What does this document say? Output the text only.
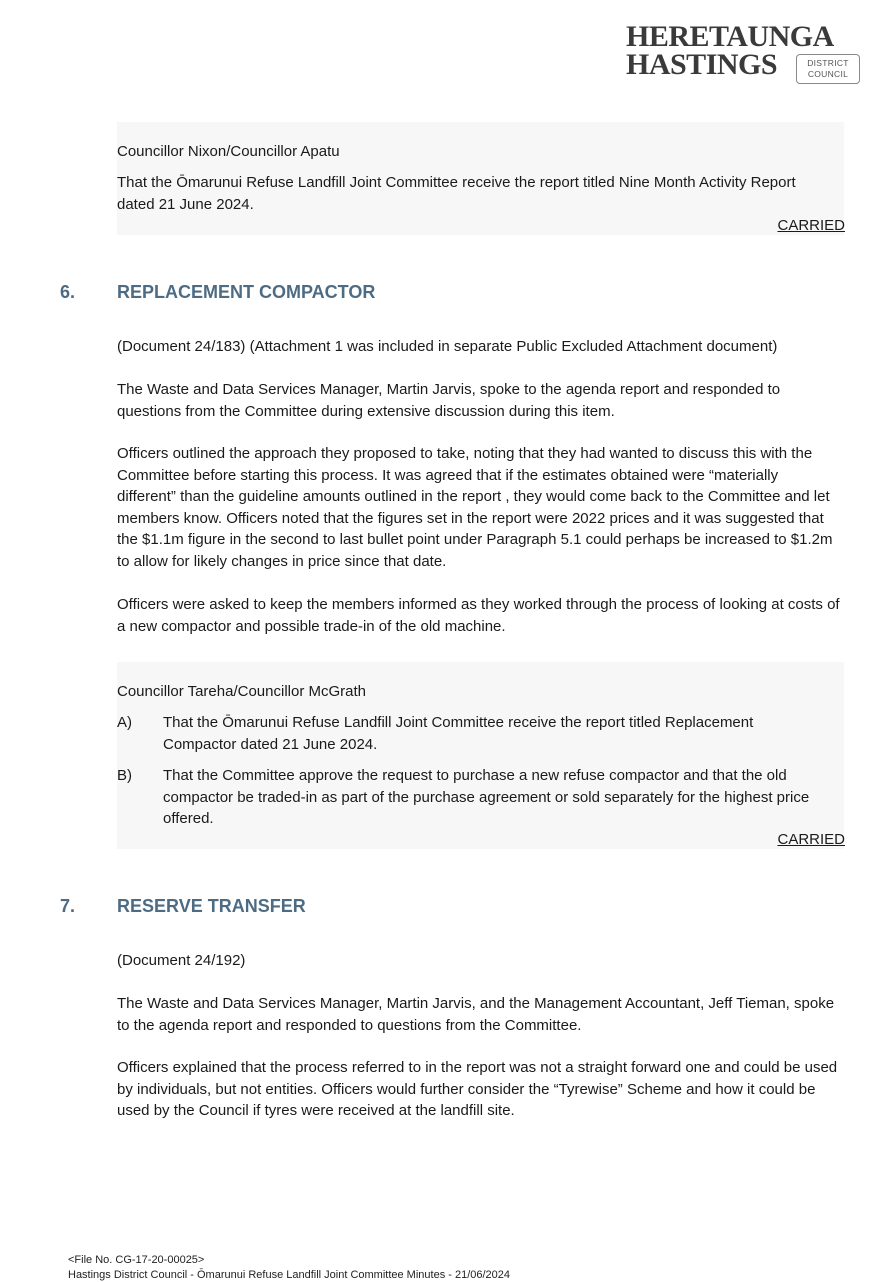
HERETAUNGA
HASTINGS	DISTRICT
COUNCIL

Councillor Nixon/Councillor Apatu

That the Ōmarunui Refuse Landfill Joint Committee receive the report titled Nine Month Activity Report dated 21 June 2024.

CARRIED
6. REPLACEMENT COMPACTOR

(Document 24/183) (Attachment 1 was included in separate Public Excluded Attachment document)

The Waste and Data Services Manager, Martin Jarvis, spoke to the agenda report and responded to questions from the Committee during extensive discussion during this item.

Officers outlined the approach they proposed to take, noting that they had wanted to discuss this with the Committee before starting this process. It was agreed that if the estimates obtained were “materially different” than the guideline amounts outlined in the report , they would come back to the Committee and let members know. Officers noted that the figures set in the report were 2022 prices and it was suggested that the $1.1m figure in the second to last bullet point under Paragraph 5.1 could perhaps be increased to $1.2m to allow for likely changes in price since that date.

Officers were asked to keep the members informed as they worked through the process of looking at costs of a new compactor and possible trade-in of the old machine.

Councillor Tareha/Councillor McGrath

A) That the Ōmarunui Refuse Landfill Joint Committee receive the report titled Replacement Compactor dated 21 June 2024.

B) That the Committee approve the request to purchase a new refuse compactor and that the old compactor be traded-in as part of the purchase agreement or sold separately for the highest price offered.

CARRIED
7. RESERVE TRANSFER

(Document 24/192)

The Waste and Data Services Manager, Martin Jarvis, and the Management Accountant, Jeff Tieman, spoke to the agenda report and responded to questions from the Committee.

Officers explained that the process referred to in the report was not a straight forward one and could be used by individuals, but not entities. Officers would further consider the “Tyrewise” Scheme and how it could be used by the Council if tyres were received at the landfill site.

<File No. CG-17-20-00025>
Hastings District Council - Ōmarunui Refuse Landfill Joint Committee Minutes - 21/06/2024
